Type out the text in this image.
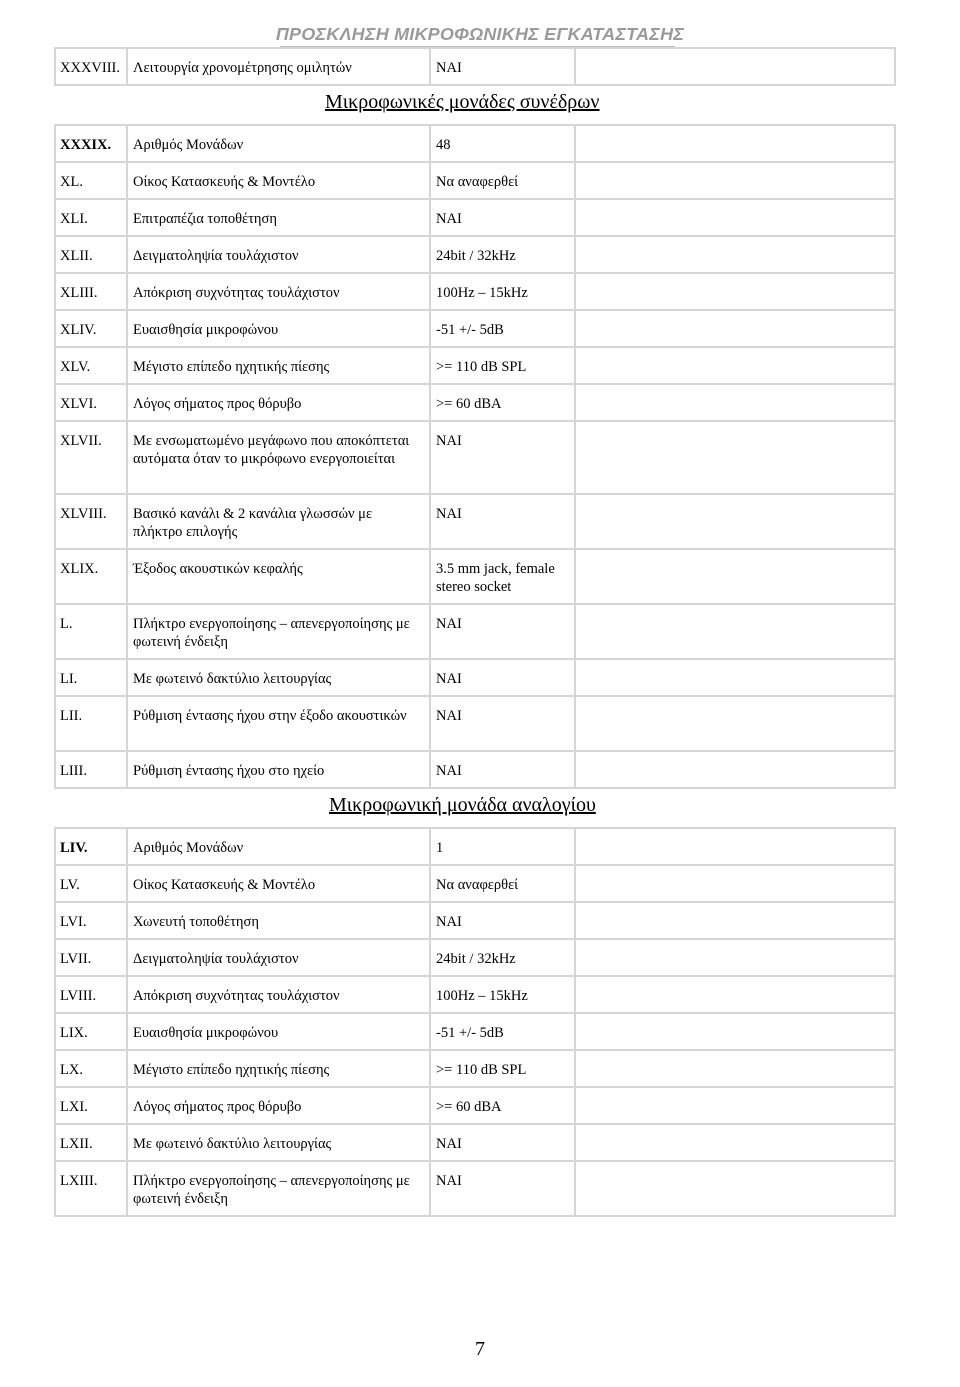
ΠΡΟΣΚΛΗΣΗ ΜΙΚΡΟΦΩΝΙΚΗΣ ΕΓΚΑΤΑΣΤΑΣΗΣ
XXXVIII.	Λειτουργία χρονομέτρησης ομιλητών	ΝΑΙ	

Μικροφωνικές μονάδες συνέδρων			

XXXIX.	Αριθμός Μονάδων	48	
XL.	Οίκος Κατασκευής & Μοντέλο	Να αναφερθεί	
XLI.	Επιτραπέζια τοποθέτηση	ΝΑΙ	
XLII.	Δειγματοληψία τουλάχιστον	24bit / 32kHz	
XLIII.	Απόκριση συχνότητας τουλάχιστον	100Hz – 15kHz	
XLIV.	Ευαισθησία μικροφώνου	-51 +/- 5dB	
XLV.	Μέγιστο επίπεδο ηχητικής πίεσης	>= 110 dB SPL	
XLVI.	Λόγος σήματος προς θόρυβο	>= 60 dBA	
XLVII.	Με ενσωματωμένο μεγάφωνο που αποκόπτεται αυτόματα όταν το μικρόφωνο ενεργοποιείται	ΝΑΙ	
XLVIII.	Βασικό κανάλι & 2 κανάλια γλωσσών με πλήκτρο επιλογής	ΝΑΙ	
XLIX.	Έξοδος ακουστικών κεφαλής	3.5 mm jack, female stereo socket	
L.	Πλήκτρο ενεργοποίησης – απενεργοποίησης με φωτεινή ένδειξη	ΝΑΙ	
LI.	Με φωτεινό δακτύλιο λειτουργίας	ΝΑΙ	
LII.	Ρύθμιση έντασης ήχου στην έξοδο ακουστικών	ΝΑΙ	
LIII.	Ρύθμιση έντασης ήχου στο ηχείο	ΝΑΙ	

Μικροφωνική μονάδα αναλογίου			

LIV.	Αριθμός Μονάδων	1	
LV.	Οίκος Κατασκευής & Μοντέλο	Να αναφερθεί	
LVI.	Χωνευτή τοποθέτηση	ΝΑΙ	
LVII.	Δειγματοληψία τουλάχιστον	24bit / 32kHz	
LVIII.	Απόκριση συχνότητας τουλάχιστον	100Hz – 15kHz	
LIX.	Ευαισθησία μικροφώνου	-51 +/- 5dB	
LX.	Μέγιστο επίπεδο ηχητικής πίεσης	>= 110 dB SPL	
LXI.	Λόγος σήματος προς θόρυβο	>= 60 dBA	
LXII.	Με φωτεινό δακτύλιο λειτουργίας	ΝΑΙ	
LXIII.	Πλήκτρο ενεργοποίησης – απενεργοποίησης με φωτεινή ένδειξη	ΝΑΙ	
7
